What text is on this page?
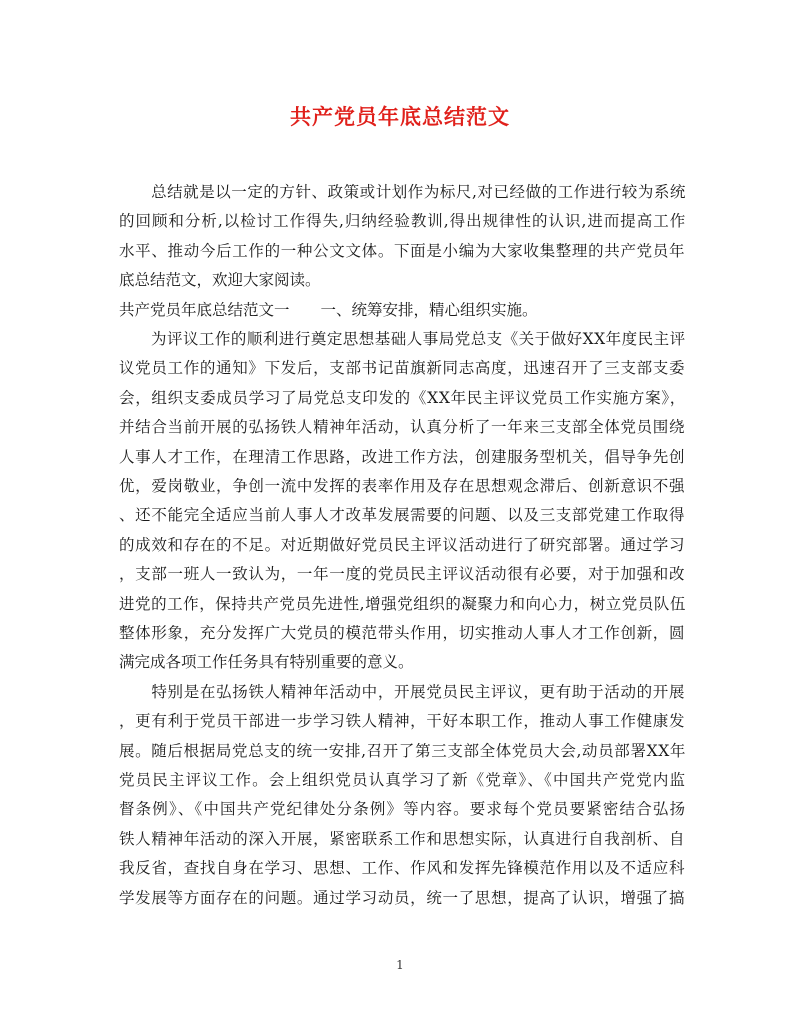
共产党员年底总结范文
　　总结就是以一定的方针、政策或计划作为标尺,对已经做的工作进行较为系统
的回顾和分析,以检讨工作得失,归纳经验教训,得出规律性的认识,进而提高工作
水平、推动今后工作的一种公文文体。下面是小编为大家收集整理的共产党员年
底总结范文，欢迎大家阅读。
共产党员年底总结范文一　　一、统筹安排，精心组织实施。
　　为评议工作的顺利进行奠定思想基础人事局党总支《关于做好XX年度民主评
议党员工作的通知》下发后，支部书记苗旗新同志高度，迅速召开了三支部支委
会，组织支委成员学习了局党总支印发的《XX年民主评议党员工作实施方案》，
并结合当前开展的弘扬铁人精神年活动，认真分析了一年来三支部全体党员围绕
人事人才工作，在理清工作思路，改进工作方法，创建服务型机关，倡导争先创
优，爱岗敬业，争创一流中发挥的表率作用及存在思想观念滞后、创新意识不强
、还不能完全适应当前人事人才改革发展需要的问题、以及三支部党建工作取得
的成效和存在的不足。对近期做好党员民主评议活动进行了研究部署。通过学习
，支部一班人一致认为，一年一度的党员民主评议活动很有必要，对于加强和改
进党的工作，保持共产党员先进性,增强党组织的凝聚力和向心力，树立党员队伍
整体形象，充分发挥广大党员的模范带头作用，切实推动人事人才工作创新，圆
满完成各项工作任务具有特别重要的意义。
　　特别是在弘扬铁人精神年活动中，开展党员民主评议，更有助于活动的开展
，更有利于党员干部进一步学习铁人精神，干好本职工作，推动人事工作健康发
展。随后根据局党总支的统一安排,召开了第三支部全体党员大会,动员部署XX年
党员民主评议工作。会上组织党员认真学习了新《党章》、《中国共产党党内监
督条例》、《中国共产党纪律处分条例》等内容。要求每个党员要紧密结合弘扬
铁人精神年活动的深入开展，紧密联系工作和思想实际，认真进行自我剖析、自
我反省，查找自身在学习、思想、工作、作风和发挥先锋模范作用以及不适应科
学发展等方面存在的问题。通过学习动员，统一了思想，提高了认识，增强了搞
1
